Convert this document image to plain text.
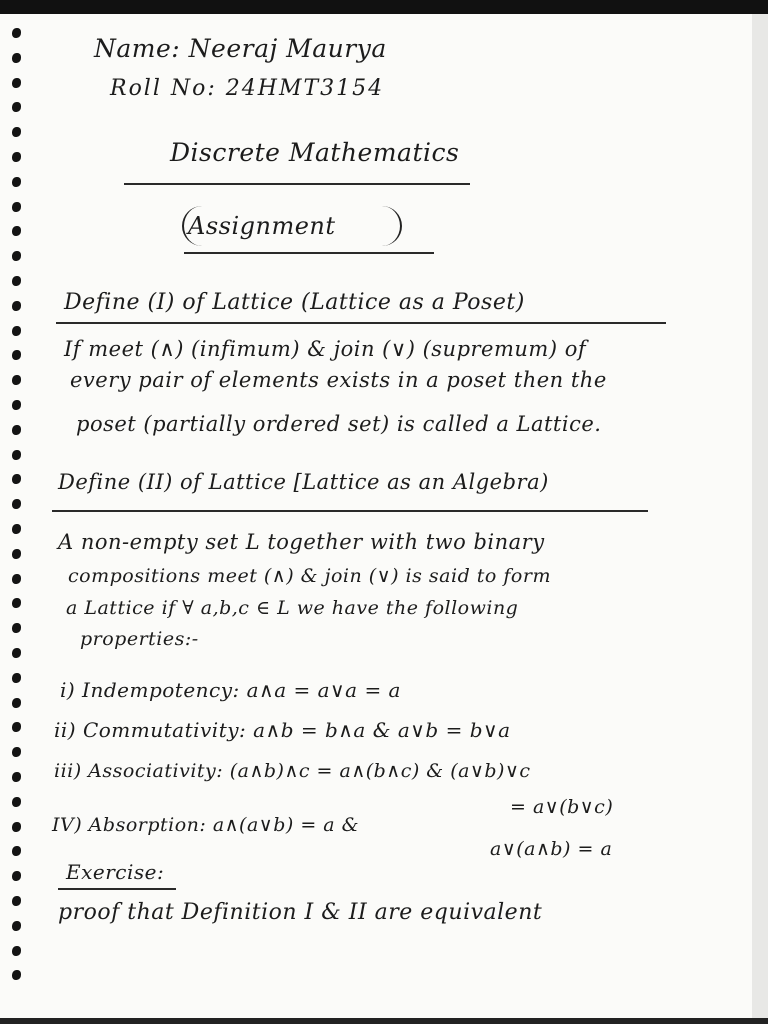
Name: Neeraj Maurya
Roll No: 24HMT3154
Discrete Mathematics
Assignment
Define (I) of Lattice (Lattice as a Poset)
If meet (∧) (infimum) & join (∨) (supremum) of
every pair of elements exists in a poset then the
poset (partially ordered set) is called a Lattice.
Define (II) of Lattice [Lattice as an Algebra)
A non-empty set L together with two binary
compositions meet (∧) & join (∨) is said to form
a Lattice if ∀ a,b,c ∈ L we have the following
properties:-
i) Indempotency: a∧a = a∨a = a
ii) Commutativity: a∧b = b∧a & a∨b = b∨a
iii) Associativity: (a∧b)∧c = a∧(b∧c) & (a∨b)∨c
= a∨(b∨c)
IV) Absorption: a∧(a∨b) = a &
a∨(a∧b) = a
Exercise:
proof that Definition I & II are equivalent
